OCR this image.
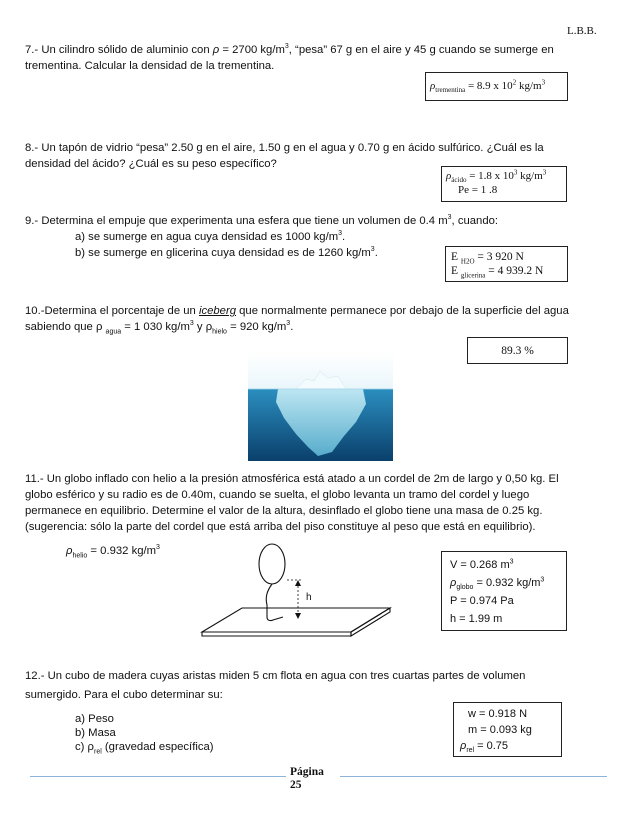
L.B.B.
7.- Un cilindro sólido de aluminio con ρ = 2700 $kg/m^3$, “pesa” 67 g en el aire y 45 g cuando se sumerge en
trementina. Calcular la densidad de la trementina.
$\rho_{trementina} = 8.9$ x $10^2$ $kg/m^3$
8.- Un tapón de vidrio “pesa” 2.50 g en el aire, 1.50 g en el agua y 0.70 g en ácido sulfúrico. ¿Cuál es la
densidad del ácido? ¿Cuál es su peso específico?
$\rho_{ácido} = 1.8$ x $10^3$ $kg/m^3$
Pe = 1 .8
9.- Determina el empuje que experimenta una esfera que tiene un volumen de 0.4 $m^3$, cuando:
a) se sumerge en agua cuya densidad es 1000 $kg/m^3$.
b) se sumerge en glicerina cuya densidad es de 1260 $kg/m^3$.	E $_{H2O}$ = 3 920 N
E $_{glicerina}$ = 4 939.2 N
10.-Determina el porcentaje de un iceberg que normalmente permanece por debajo de la superficie del agua
sabiendo que ρ $_{agua}$ = 1 030 $kg/m^3$ y $\rho_{hielo} = 920$ $kg/m^3$.
89.3 %
11.- Un globo inflado con helio a la presión atmosférica está atado a un cordel de 2m de largo y 0,50 kg. El
globo esférico y su radio es de 0.40m, cuando se suelta, el globo levanta un tramo del cordel y luego
permanece en equilibrio. Determine el valor de la altura, desinflado el globo tiene una masa de 0.25 kg.
(sugerencia: sólo la parte del cordel que está arriba del piso constituye al peso que está en equilibrio).
$\rho_{helio} = 0.932$ $kg/m^3$
h
V = 0.268 $m^3$
$\rho_{globo} = 0.932$ $kg/m^3$
P = 0.974 Pa
h = 1.99 m
12.- Un cubo de madera cuyas aristas miden 5 cm flota en agua con tres cuartas partes de volumen
sumergido. Para el cubo determinar su:
a) Peso
b) Masa
c) $\rho_{rel}$ (gravedad específica)
w = 0.918 N
m = 0.093 kg
$\rho_{rel} = 0.75$
Página
25
